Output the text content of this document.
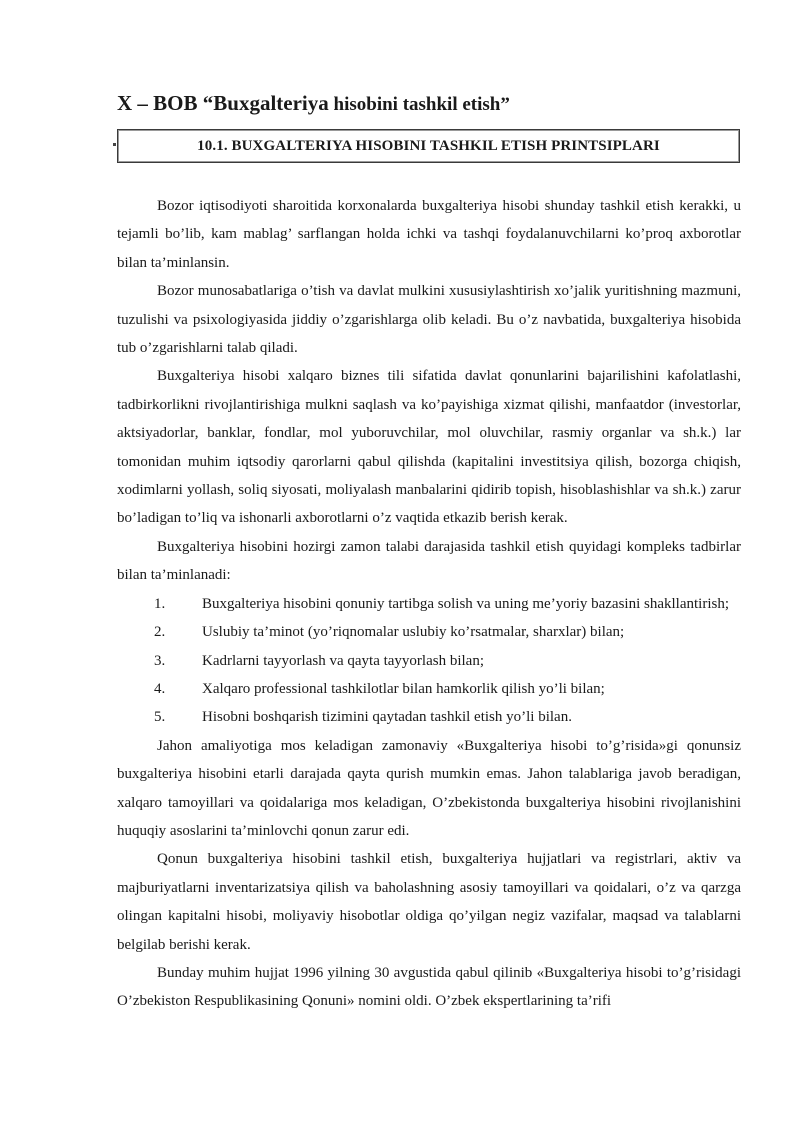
X – BOB “Buxgalteriya hisobini tashkil etish”
10.1. BUXGALTERIYA HISOBINI TASHKIL ETISH PRINTSIPLARI

Bozor iqtisodiyoti sharoitida korxonalarda buxgalteriya hisobi shunday tashkil etish kerakki, u tejamli bo’lib, kam mablag’ sarflangan holda ichki va tashqi foydalanuvchilarni ko’proq axborotlar bilan ta’minlansin.

Bozor munosabatlariga o’tish va davlat mulkini xususiylashtirish xo’jalik yuritishning mazmuni, tuzulishi va psixologiyasida jiddiy o’zgarishlarga olib keladi. Bu o’z navbatida, buxgalteriya hisobida tub o’zgarishlarni talab qiladi.

Buxgalteriya hisobi xalqaro biznes tili sifatida davlat qonunlarini bajarilishini kafolatlashi, tadbirkorlikni rivojlantirishiga mulkni saqlash va ko’payishiga xizmat qilishi, manfaatdor (investorlar, aktsiyadorlar, banklar, fondlar, mol yuboruvchilar, mol oluvchilar, rasmiy organlar va sh.k.) lar tomonidan muhim iqtsodiy qarorlarni qabul qilishda (kapitalini investitsiya qilish, bozorga chiqish, xodimlarni yollash, soliq siyosati, moliyalash manbalarini qidirib topish, hisoblashishlar va sh.k.) zarur bo’ladigan to’liq va ishonarli axborotlarni o’z vaqtida etkazib berish kerak.

Buxgalteriya hisobini hozirgi zamon talabi darajasida tashkil etish quyidagi kompleks tadbirlar bilan ta’minlanadi:

1.	Buxgalteriya hisobini qonuniy tartibga solish va uning me’yoriy bazasini shakllantirish;
2.	Uslubiy ta’minot (yo’riqnomalar uslubiy ko’rsatmalar, sharxlar) bilan;
3.	Kadrlarni tayyorlash va qayta tayyorlash bilan;
4.	Xalqaro professional tashkilotlar bilan hamkorlik qilish yo’li bilan;
5.	Hisobni boshqarish tizimini qaytadan tashkil etish yo’li bilan.

Jahon amaliyotiga mos keladigan zamonaviy «Buxgalteriya hisobi to’g’risida»gi qonunsiz buxgalteriya hisobini etarli darajada qayta qurish mumkin emas. Jahon talablariga javob beradigan, xalqaro tamoyillari va qoidalariga mos keladigan, O’zbekistonda buxgalteriya hisobini rivojlanishini huquqiy asoslarini ta’minlovchi qonun zarur edi.

Qonun buxgalteriya hisobini tashkil etish, buxgalteriya hujjatlari va registrlari, aktiv va majburiyatlarni inventarizatsiya qilish va baholashning asosiy tamoyillari va qoidalari, o’z va qarzga olingan kapitalni hisobi, moliyaviy hisobotlar oldiga qo’yilgan negiz vazifalar, maqsad va talablarni belgilab berishi kerak.

Bunday muhim hujjat 1996 yilning 30 avgustida qabul qilinib «Buxgalteriya hisobi to’g’risidagi O’zbekiston Respublikasining Qonuni» nomini oldi. O’zbek ekspertlarining ta’rifi
